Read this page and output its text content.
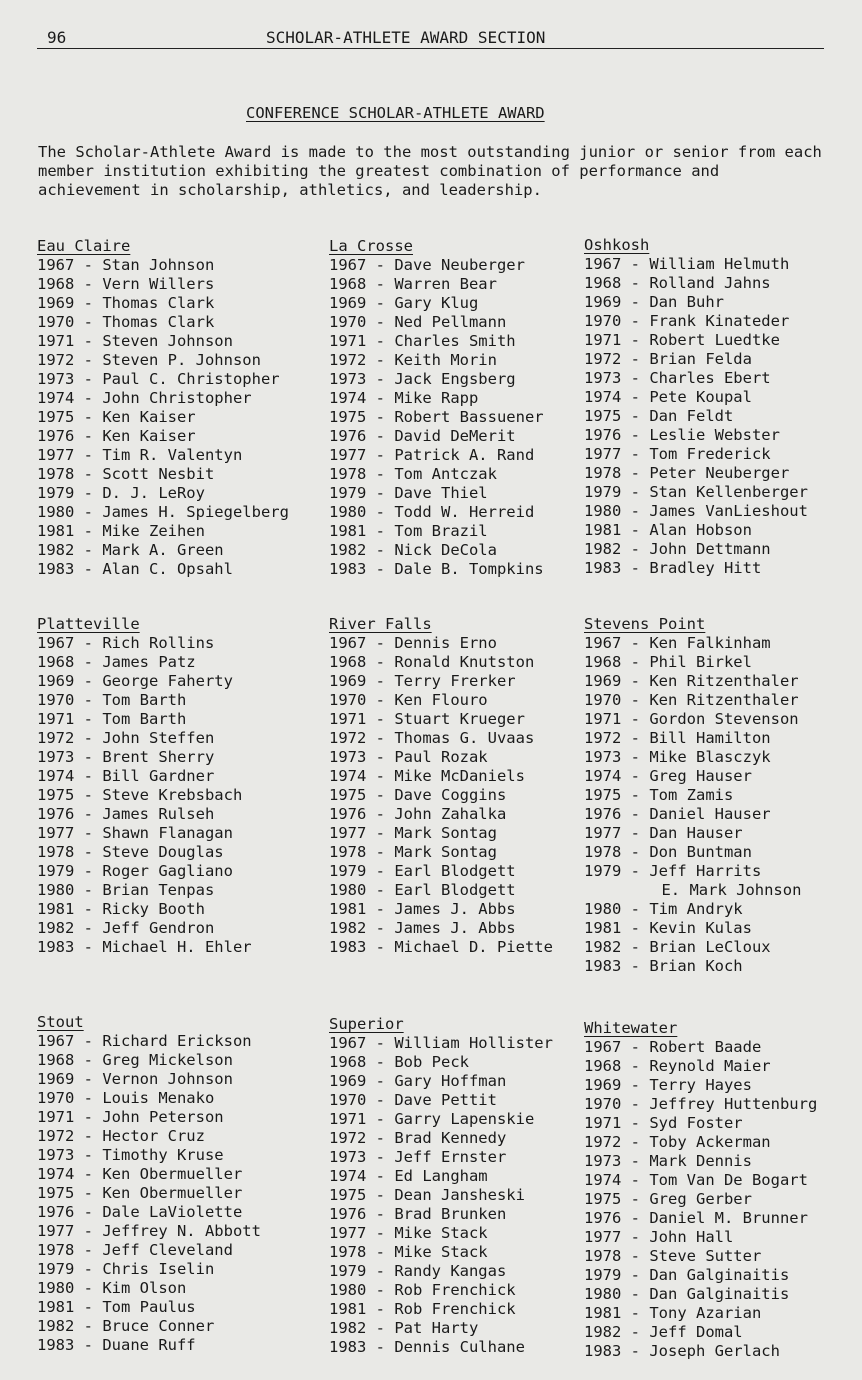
96	SCHOLAR-ATHLETE AWARD SECTION
CONFERENCE SCHOLAR-ATHLETE AWARD

The Scholar-Athlete Award is made to the most outstanding junior or senior from each member institution exhibiting the greatest combination of performance and achievement in scholarship, athletics, and leadership.

Eau Claire
1967 - Stan Johnson
1968 - Vern Willers
1969 - Thomas Clark
1970 - Thomas Clark
1971 - Steven Johnson
1972 - Steven P. Johnson
1973 - Paul C. Christopher
1974 - John Christopher
1975 - Ken Kaiser
1976 - Ken Kaiser
1977 - Tim R. Valentyn
1978 - Scott Nesbit
1979 - D. J. LeRoy
1980 - James H. Spiegelberg
1981 - Mike Zeihen
1982 - Mark A. Green
1983 - Alan C. Opsahl
La Crosse
1967 - Dave Neuberger
1968 - Warren Bear
1969 - Gary Klug
1970 - Ned Pellmann
1971 - Charles Smith
1972 - Keith Morin
1973 - Jack Engsberg
1974 - Mike Rapp
1975 - Robert Bassuener
1976 - David DeMerit
1977 - Patrick A. Rand
1978 - Tom Antczak
1979 - Dave Thiel
1980 - Todd W. Herreid
1981 - Tom Brazil
1982 - Nick DeCola
1983 - Dale B. Tompkins
Oshkosh
1967 - William Helmuth
1968 - Rolland Jahns
1969 - Dan Buhr
1970 - Frank Kinateder
1971 - Robert Luedtke
1972 - Brian Felda
1973 - Charles Ebert
1974 - Pete Koupal
1975 - Dan Feldt
1976 - Leslie Webster
1977 - Tom Frederick
1978 - Peter Neuberger
1979 - Stan Kellenberger
1980 - James VanLieshout
1981 - Alan Hobson
1982 - John Dettmann
1983 - Bradley Hitt
Platteville
1967 - Rich Rollins
1968 - James Patz
1969 - George Faherty
1970 - Tom Barth
1971 - Tom Barth
1972 - John Steffen
1973 - Brent Sherry
1974 - Bill Gardner
1975 - Steve Krebsbach
1976 - James Rulseh
1977 - Shawn Flanagan
1978 - Steve Douglas
1979 - Roger Gagliano
1980 - Brian Tenpas
1981 - Ricky Booth
1982 - Jeff Gendron
1983 - Michael H. Ehler
River Falls
1967 - Dennis Erno
1968 - Ronald Knutston
1969 - Terry Frerker
1970 - Ken Flouro
1971 - Stuart Krueger
1972 - Thomas G. Uvaas
1973 - Paul Rozak
1974 - Mike McDaniels
1975 - Dave Coggins
1976 - John Zahalka
1977 - Mark Sontag
1978 - Mark Sontag
1979 - Earl Blodgett
1980 - Earl Blodgett
1981 - James J. Abbs
1982 - James J. Abbs
1983 - Michael D. Piette
Stevens Point
1967 - Ken Falkinham
1968 - Phil Birkel
1969 - Ken Ritzenthaler
1970 - Ken Ritzenthaler
1971 - Gordon Stevenson
1972 - Bill Hamilton
1973 - Mike Blasczyk
1974 - Greg Hauser
1975 - Tom Zamis
1976 - Daniel Hauser
1977 - Dan Hauser
1978 - Don Buntman
1979 - Jeff Harrits
E. Mark Johnson
1980 - Tim Andryk
1981 - Kevin Kulas
1982 - Brian LeCloux
1983 - Brian Koch
Stout
1967 - Richard Erickson
1968 - Greg Mickelson
1969 - Vernon Johnson
1970 - Louis Menako
1971 - John Peterson
1972 - Hector Cruz
1973 - Timothy Kruse
1974 - Ken Obermueller
1975 - Ken Obermueller
1976 - Dale LaViolette
1977 - Jeffrey N. Abbott
1978 - Jeff Cleveland
1979 - Chris Iselin
1980 - Kim Olson
1981 - Tom Paulus
1982 - Bruce Conner
1983 - Duane Ruff
Superior
1967 - William Hollister
1968 - Bob Peck
1969 - Gary Hoffman
1970 - Dave Pettit
1971 - Garry Lapenskie
1972 - Brad Kennedy
1973 - Jeff Ernster
1974 - Ed Langham
1975 - Dean Jansheski
1976 - Brad Brunken
1977 - Mike Stack
1978 - Mike Stack
1979 - Randy Kangas
1980 - Rob Frenchick
1981 - Rob Frenchick
1982 - Pat Harty
1983 - Dennis Culhane
Whitewater
1967 - Robert Baade
1968 - Reynold Maier
1969 - Terry Hayes
1970 - Jeffrey Huttenburg
1971 - Syd Foster
1972 - Toby Ackerman
1973 - Mark Dennis
1974 - Tom Van De Bogart
1975 - Greg Gerber
1976 - Daniel M. Brunner
1977 - John Hall
1978 - Steve Sutter
1979 - Dan Galginaitis
1980 - Dan Galginaitis
1981 - Tony Azarian
1982 - Jeff Domal
1983 - Joseph Gerlach
